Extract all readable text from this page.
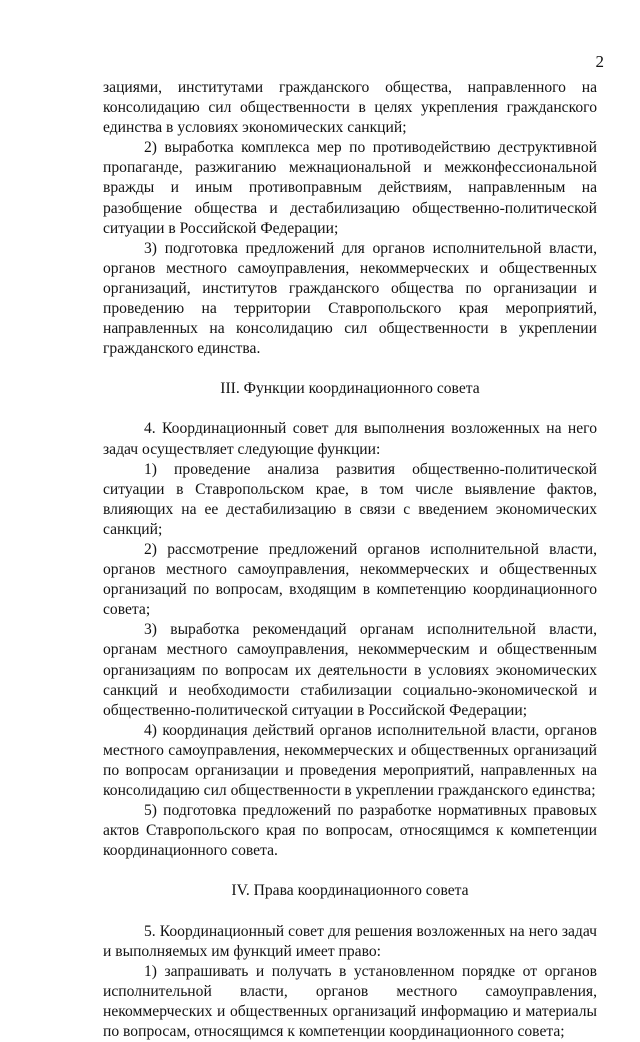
2

зациями, институтами гражданского общества, направленного на консолидацию сил общественности в целях укрепления гражданского единства в условиях экономических санкций;

2) выработка комплекса мер по противодействию деструктивной пропаганде, разжиганию межнациональной и межконфессиональной вражды и иным противоправным действиям, направленным на разобщение общества и дестабилизацию общественно-политической ситуации в Российской Федерации;

3) подготовка предложений для органов исполнительной власти, органов местного самоуправления, некоммерческих и общественных организаций, институтов гражданского общества по организации и проведению на территории Ставропольского края мероприятий, направленных на консолидацию сил общественности в укреплении гражданского единства.

III. Функции координационного совета

4. Координационный совет для выполнения возложенных на него задач осуществляет следующие функции:

1) проведение анализа развития общественно-политической ситуации в Ставропольском крае, в том числе выявление фактов, влияющих на ее дестабилизацию в связи с введением экономических санкций;

2) рассмотрение предложений органов исполнительной власти, органов местного самоуправления, некоммерческих и общественных организаций по вопросам, входящим в компетенцию координационного совета;

3) выработка рекомендаций органам исполнительной власти, органам местного самоуправления, некоммерческим и общественным организациям по вопросам их деятельности в условиях экономических санкций и необходимости стабилизации социально-экономической и общественно-политической ситуации в Российской Федерации;

4) координация действий органов исполнительной власти, органов местного самоуправления, некоммерческих и общественных организаций по вопросам организации и проведения мероприятий, направленных на консолидацию сил общественности в укреплении гражданского единства;

5) подготовка предложений по разработке нормативных правовых актов Ставропольского края по вопросам, относящимся к компетенции координационного совета.

IV. Права координационного совета

5. Координационный совет для решения возложенных на него задач и выполняемых им функций имеет право:

1) запрашивать и получать в установленном порядке от органов исполнительной власти, органов местного самоуправления, некоммерческих и общественных организаций информацию и материалы по вопросам, относящимся к компетенции координационного совета;
